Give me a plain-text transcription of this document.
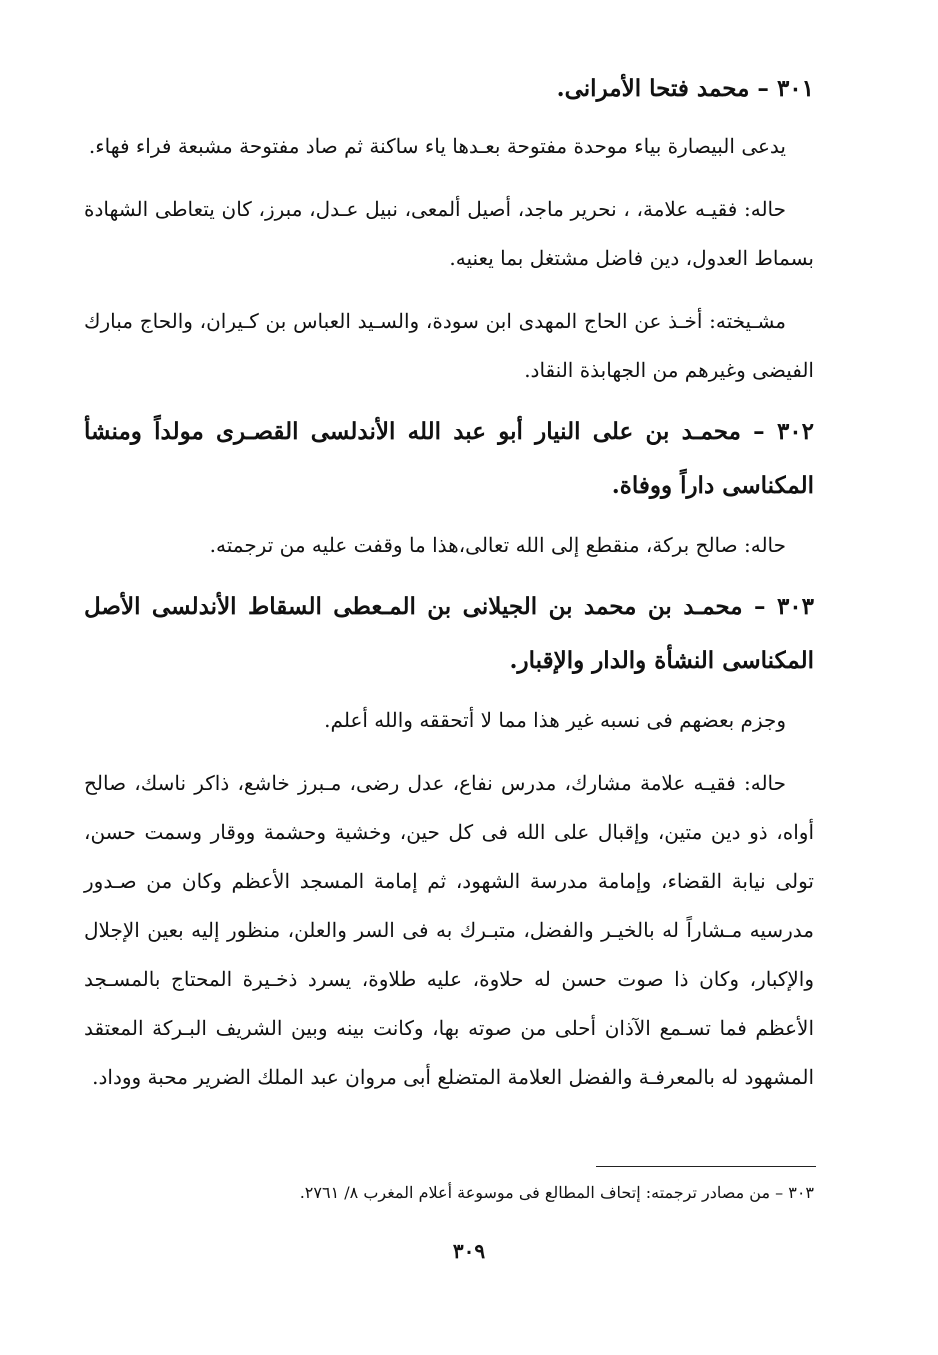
٣٠١ – محمد فتحا الأمرانى.

يدعى البيصارة بياء موحدة مفتوحة بعـدها ياء ساكنة ثم صاد مفتوحة مشبعة فراء فهاء.

حاله: فقيـه علامة، ، نحرير ماجد، أصيل ألمعى، نبيل عـدل، مبرز، كان يتعاطى الشهادة بسماط العدول، دين فاضل مشتغل بما يعنيه.

مشـيخته: أخـذ عن الحاج المهدى ابن سودة، والسـيد العباس بن كـيران، والحاج مبارك الفيضى وغيرهم من الجهابذة النقاد.

٣٠٢ – محمـد بن على النيار أبو عبد الله الأندلسى القصـرى مولداً ومنشأ المكناسى داراً ووفاة.

حاله: صالح بركة، منقطع إلى الله تعالى،هذا ما وقفت عليه من ترجمته.

٣٠٣ – محمـد بن محمد بن الجيلانى بن المـعطى السقاط الأندلسى الأصل المكناسى النشأة والدار والإقبار.

وجزم بعضهم فى نسبه غير هذا مما لا أتحققه والله أعلم.

حاله: فقيـه علامة مشارك، مدرس نفاع، عدل رضى، مـبرز خاشع، ذاكر ناسك، صالح أواه، ذو دين متين، وإقبال على الله فى كل حين، وخشية وحشمة ووقار وسمت حسن، تولى نيابة القضاء، وإمامة مدرسة الشهود، ثم إمامة المسجد الأعظم وكان من صـدور مدرسيه مـشاراً له بالخيـر والفضل، متبـرك به فى السر والعلن، منظور إليه بعين الإجلال والإكبار، وكان ذا صوت حسن له حلاوة، عليه طلاوة، يسرد ذخـيرة المحتاج بالمسـجد الأعظم فما تسـمع الآذان أحلى من صوته بها، وكانت بينه وبين الشريف البـركة المعتقد المشهود له بالمعرفـة والفضل العلامة المتضلع أبى مروان عبد الملك الضرير محبة ووداد.

٣٠٣ – من مصادر ترجمته: إتحاف المطالع فى موسوعة أعلام المغرب ٨/ ٢٧٦١.
٣٠٩
